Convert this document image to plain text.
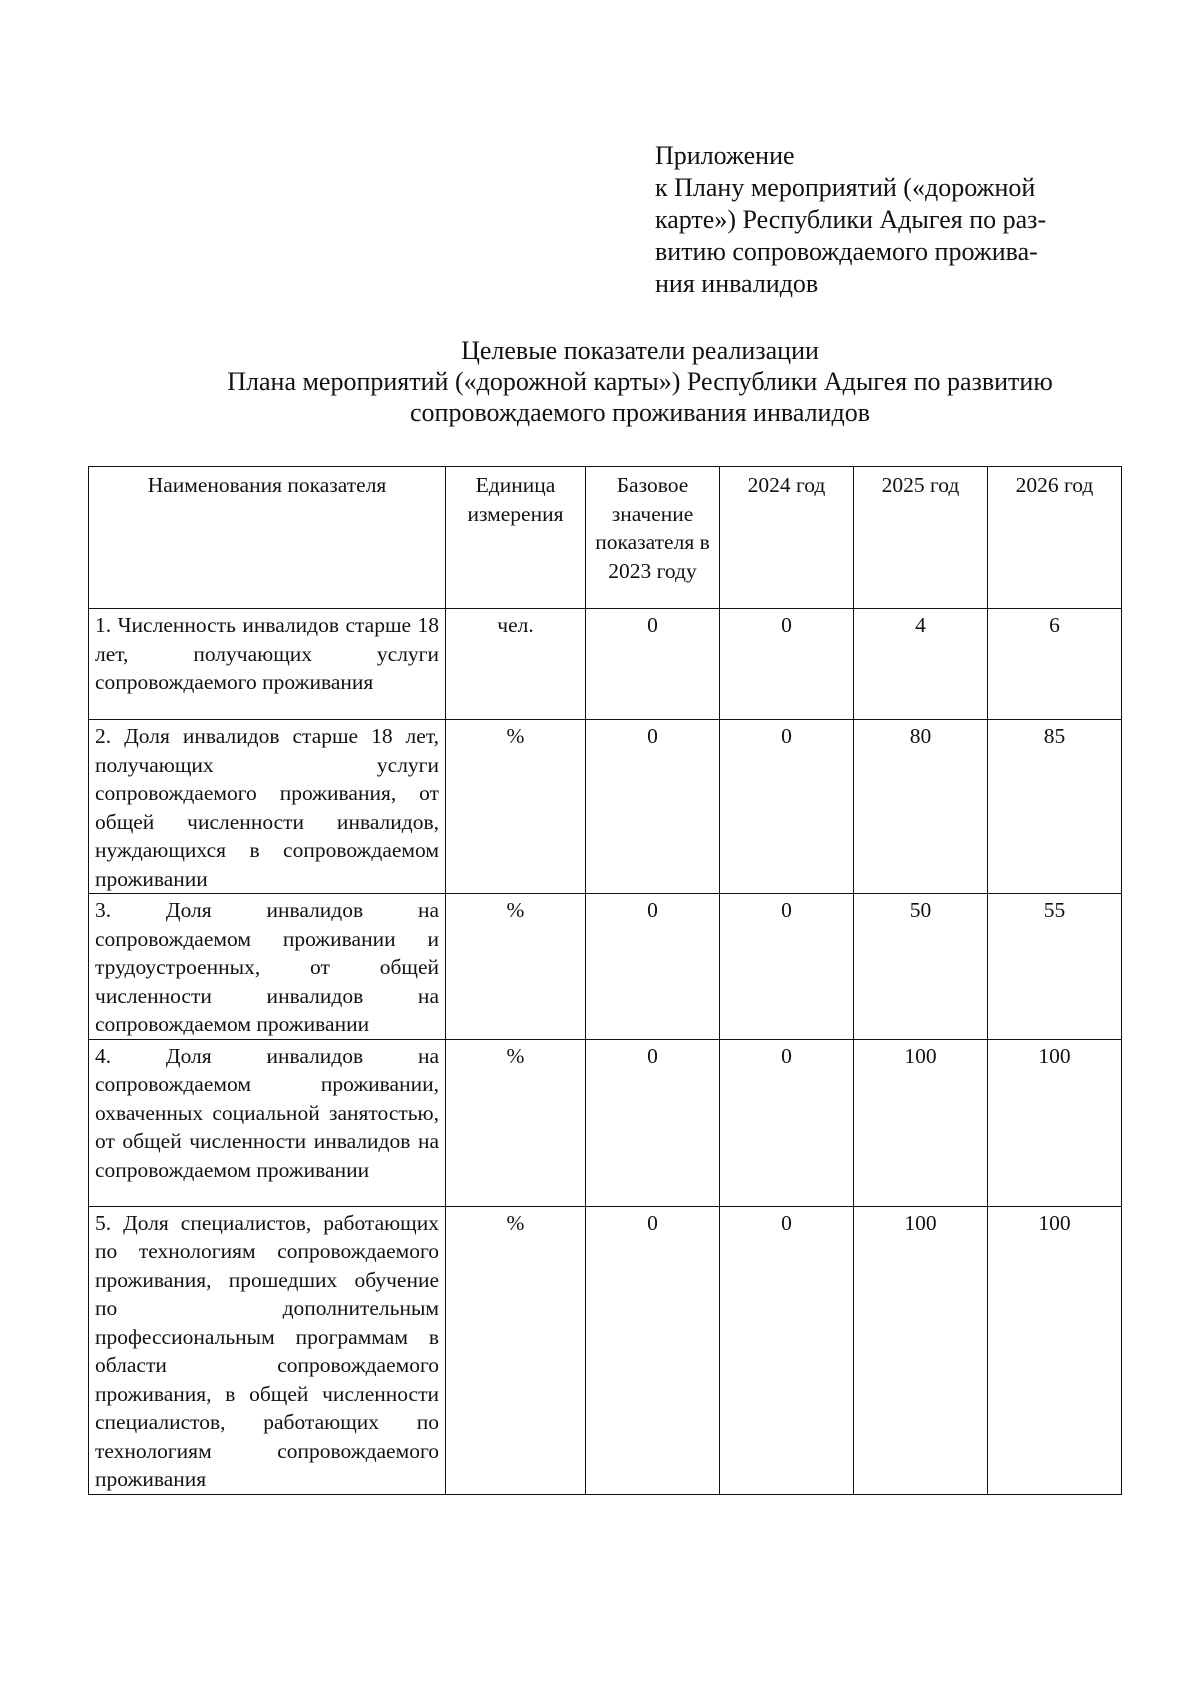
Приложение
к Плану мероприятий («дорожной
карте») Республики Адыгея по раз-
витию сопровождаемого прожива-
ния инвалидов
Целевые показатели реализации
Плана мероприятий («дорожной карты») Республики Адыгея по развитию
сопровождаемого проживания инвалидов
Наименования показателя	Единица измерения	Базовое значение показателя в 2023 году	2024 год	2025 год	2026 год
1. Численность инвалидов старше 18 лет, получающих услуги сопровождаемого проживания	чел.	0	0	4	6
2. Доля инвалидов старше 18 лет, получающих услуги сопровождаемого проживания, от общей численности инвалидов, нуждающихся в сопровождаемом проживании	%	0	0	80	85
3. Доля инвалидов на сопровождаемом проживании и трудоустроенных, от общей численности инвалидов на сопровождаемом проживании	%	0	0	50	55
4. Доля инвалидов на сопровождаемом проживании, охваченных социальной занятостью, от общей численности инвалидов на сопровождаемом проживании	%	0	0	100	100
5. Доля специалистов, работающих по технологиям сопровождаемого проживания, прошедших обучение по дополнительным профессиональным программам в области сопровождаемого проживания, в общей численности специалистов, работающих по технологиям сопровождаемого проживания	%	0	0	100	100
